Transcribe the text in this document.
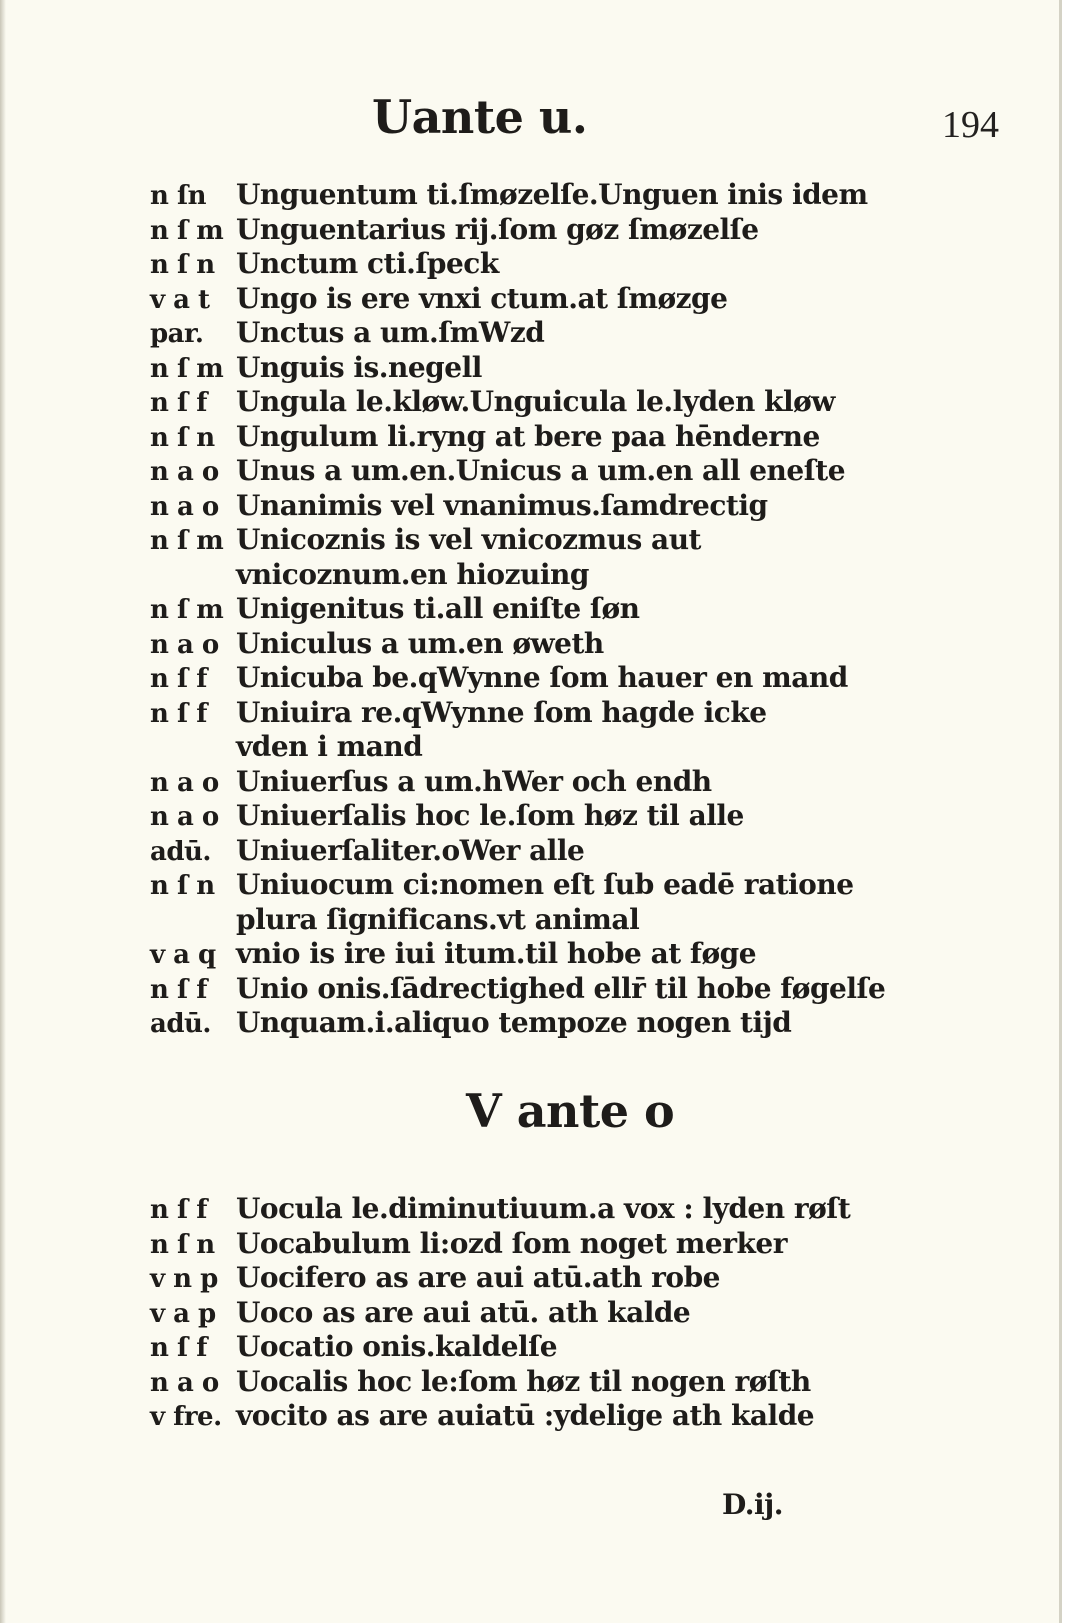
Uante u.	194
n ſn	Unguentum ti.ſmøzelſe.Unguen inis idem
n ſ m Unguentarius rij.ſom gøz ſmøzelſe
n ſ n Unctum cti.ſpeck
v a t Ungo is ere vnxi ctum.at ſmøzge
par.	Unctus a um.ſmWzd
n ſ m Unguis is.negell
n ſ f	Ungula le.kløw.Unguicula le.lyden kløw
n ſ n Ungulum li.ryng at bere paa hēnderne
n a o Unus a um.en.Unicus a um.en all eneſte
n a o Unanimis vel vnanimus.ſamdrectig
n ſ m Unicoznis is vel vnicozmus aut
vnicoznum.en hiozuing
n ſ m Unigenitus ti.all eniſte ſøn
n a o Uniculus a um.en øweth
n ſ f	Unicuba be.qWynne ſom hauer en mand
n ſ f	Uniuira re.qWynne ſom hagde icke
vden i mand
n a o Uniuerſus a um.hWer och endh
n a o Uniuerſalis hoc le.ſom høz til alle
adū. Uniuerſaliter.oWer alle
n ſ n Uniuocum ci:nomen eſt ſub eadē ratione
plura ſignificans.vt animal
v a q vnio is ire iui itum.til hobe at føge
n ſ f	Unio onis.ſādrectighed ellr̄ til hobe føgelſe
adū. Unquam.i.aliquo tempoze nogen tijd
V ante o
n ſ f	Uocula le.diminutiuum.a vox : lyden røſt
n ſ n Uocabulum li:ozd ſom noget merker
v n p Uocifero as are aui atū.ath robe
v a p Uoco as are aui atū. ath kalde
n ſ f	Uocatio onis.kaldelſe
n a o Uocalis hoc le:ſom høz til nogen røſth
v fre. vocito as are auiatū :ydelige ath kalde
D.ij.
